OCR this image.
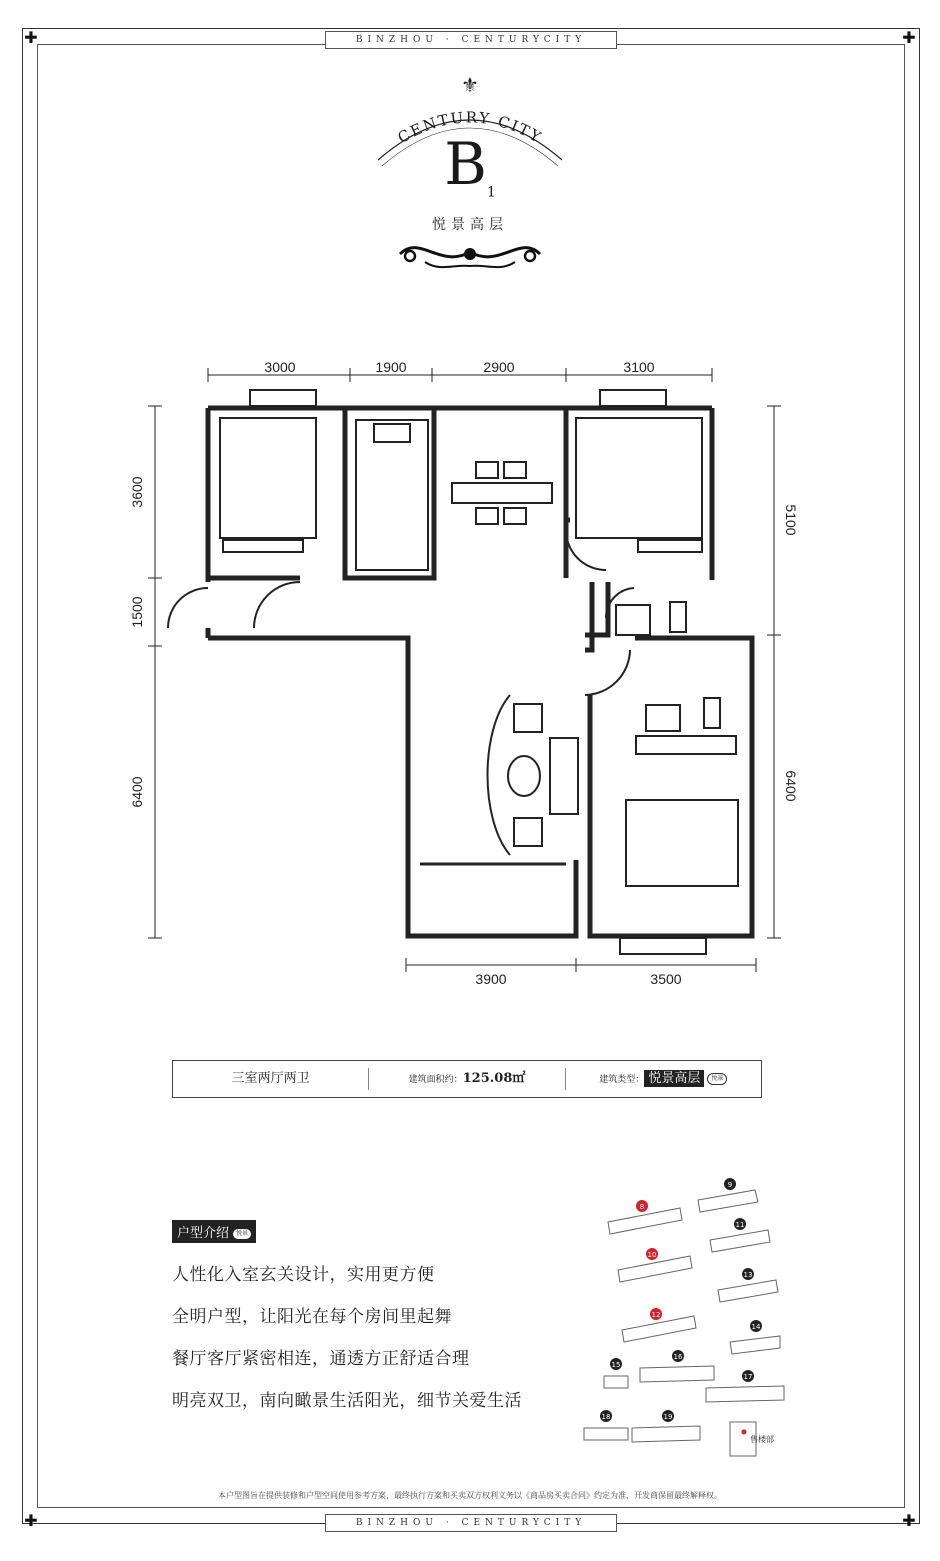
✚	✚
✚	✚
BINZHOU · CENTURYCITY
BINZHOU · CENTURYCITY
⚜
CENTURY CITY
$B_1$
悦景高层
3000	1900	2900	3100
3900	3500
3600
1500
6400
5100
6400
三室两厅两卫	建筑面积约：125.08㎡	建筑类型： 悦景高层 悦景
户型介绍 悦景
人性化入室玄关设计，实用更方便
全明户型，让阳光在每个房间里起舞
餐厅客厅紧密相连，通透方正舒适合理
明亮双卫，南向瞰景生活阳光，细节关爱生活
8
9
10
11
12
13
14
15
16
17
18	19
售楼部
本户型图旨在提供装修和户型空间使用参考方案，最终执行方案和买卖双方权利义务以《商品房买卖合同》约定为准，开发商保留最终解释权。
